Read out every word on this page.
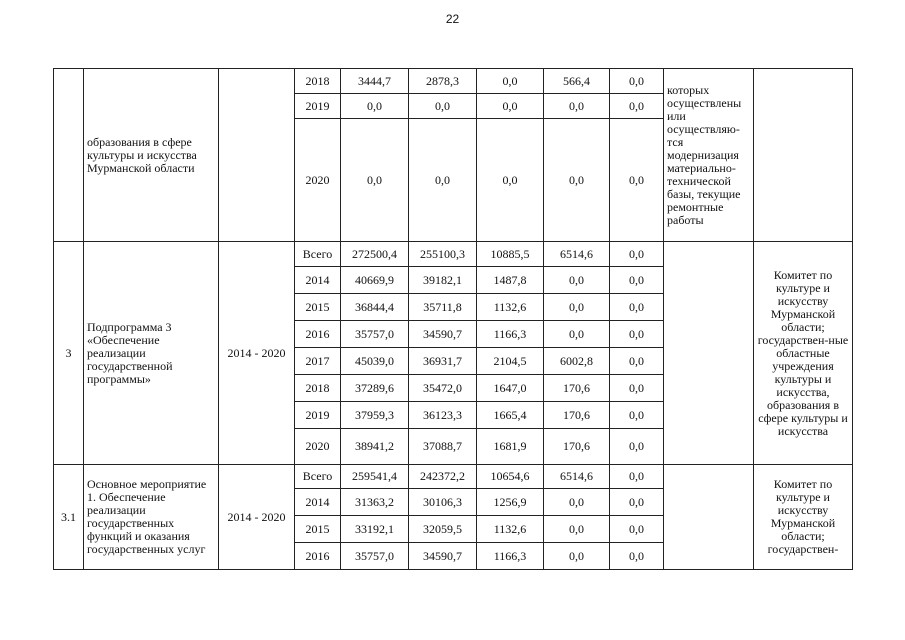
22
	образования в сфере культуры и искусства Мурманской области		2018	3444,7	2878,3	0,0	566,4	0,0	которых осуществлены или осуществляю-тся модернизация материально-технической базы, текущие ремонтные работы	
			2019	0,0	0,0	0,0	0,0	0,0		
			2020	0,0	0,0	0,0	0,0	0,0		
3	Подпрограмма 3 «Обеспечение реализации государственной программы»	2014 - 2020	Всего	272500,4	255100,3	10885,5	6514,6	0,0		Комитет по культуре и искусству Мурманской области; государствен-ные областные учреждения культуры и искусства, образования в сфере культуры и искусства
			2014	40669,9	39182,1	1487,8	0,0	0,0		
			2015	36844,4	35711,8	1132,6	0,0	0,0		
			2016	35757,0	34590,7	1166,3	0,0	0,0		
			2017	45039,0	36931,7	2104,5	6002,8	0,0		
			2018	37289,6	35472,0	1647,0	170,6	0,0		
			2019	37959,3	36123,3	1665,4	170,6	0,0		
			2020	38941,2	37088,7	1681,9	170,6	0,0		
3.1	Основное мероприятие 1. Обеспечение реализации государственных функций и оказания государственных услуг	2014 - 2020	Всего	259541,4	242372,2	10654,6	6514,6	0,0		Комитет по культуре и искусству Мурманской области; государствен-
			2014	31363,2	30106,3	1256,9	0,0	0,0		
			2015	33192,1	32059,5	1132,6	0,0	0,0		
			2016	35757,0	34590,7	1166,3	0,0	0,0		
